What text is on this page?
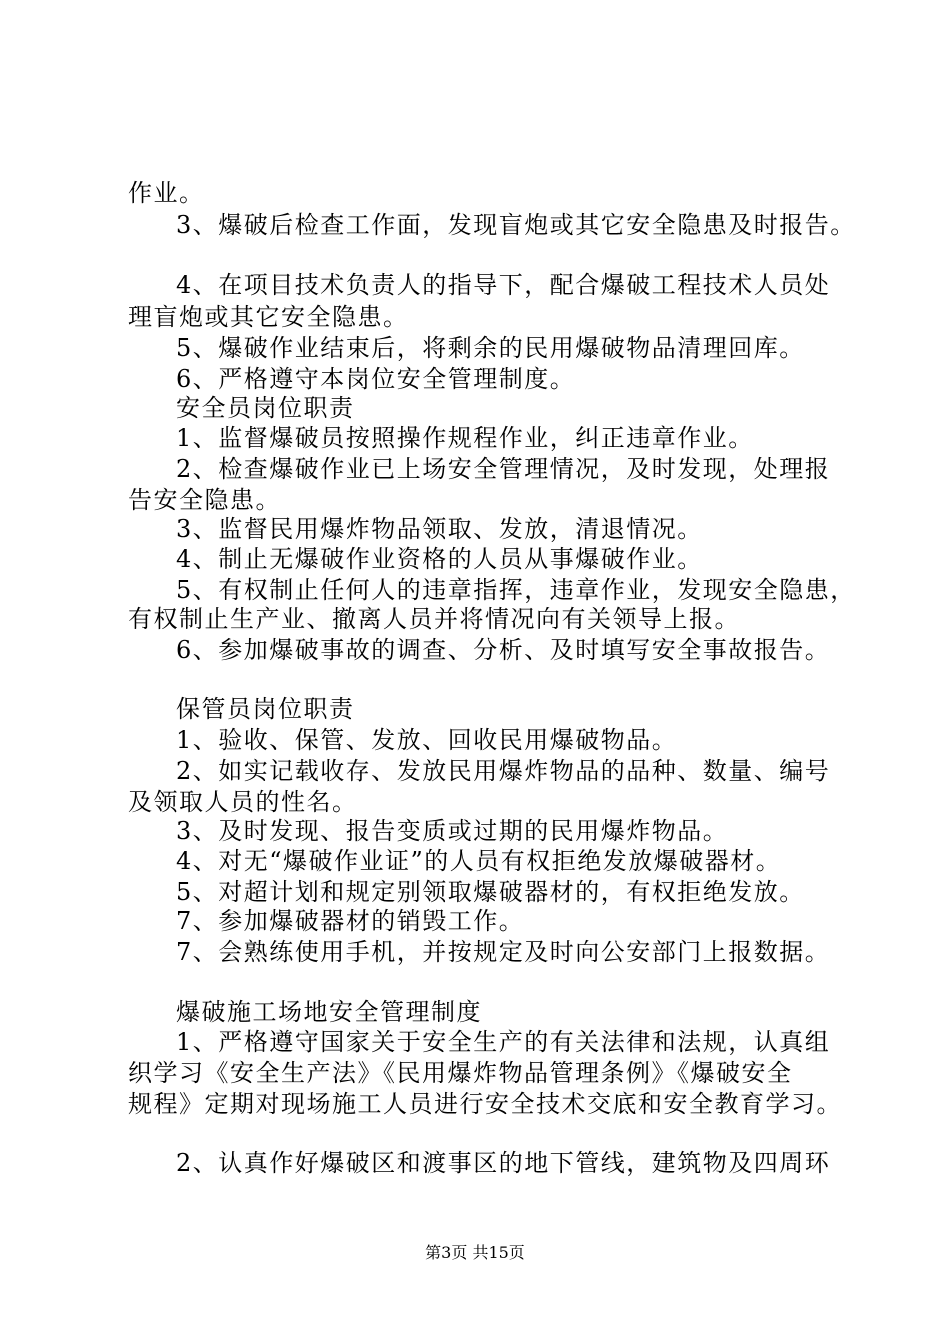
作业。
3、爆破后检查工作面，发现盲炮或其它安全隐患及时报告。
4、在项目技术负责人的指导下，配合爆破工程技术人员处
理盲炮或其它安全隐患。
5、爆破作业结束后，将剩余的民用爆破物品清理回库。
6、严格遵守本岗位安全管理制度。
安全员岗位职责
1、监督爆破员按照操作规程作业，纠正违章作业。
2、检查爆破作业已上场安全管理情况，及时发现，处理报
告安全隐患。
3、监督民用爆炸物品领取、发放，清退情况。
4、制止无爆破作业资格的人员从事爆破作业。
5、有权制止任何人的违章指挥，违章作业，发现安全隐患，
有权制止生产业、撤离人员并将情况向有关领导上报。
6、参加爆破事故的调查、分析、及时填写安全事故报告。
保管员岗位职责
1、验收、保管、发放、回收民用爆破物品。
2、如实记载收存、发放民用爆炸物品的品种、数量、编号
及领取人员的性名。
3、及时发现、报告变质或过期的民用爆炸物品。
4、对无“爆破作业证”的人员有权拒绝发放爆破器材。
5、对超计划和规定别领取爆破器材的，有权拒绝发放。
7、参加爆破器材的销毁工作。
7、会熟练使用手机，并按规定及时向公安部门上报数据。
爆破施工场地安全管理制度
1、严格遵守国家关于安全生产的有关法律和法规，认真组
织学习《安全生产法》《民用爆炸物品管理条例》《爆破安全
规程》定期对现场施工人员进行安全技术交底和安全教育学习。
2、认真作好爆破区和渡事区的地下管线，建筑物及四周环
第3页 共15页
